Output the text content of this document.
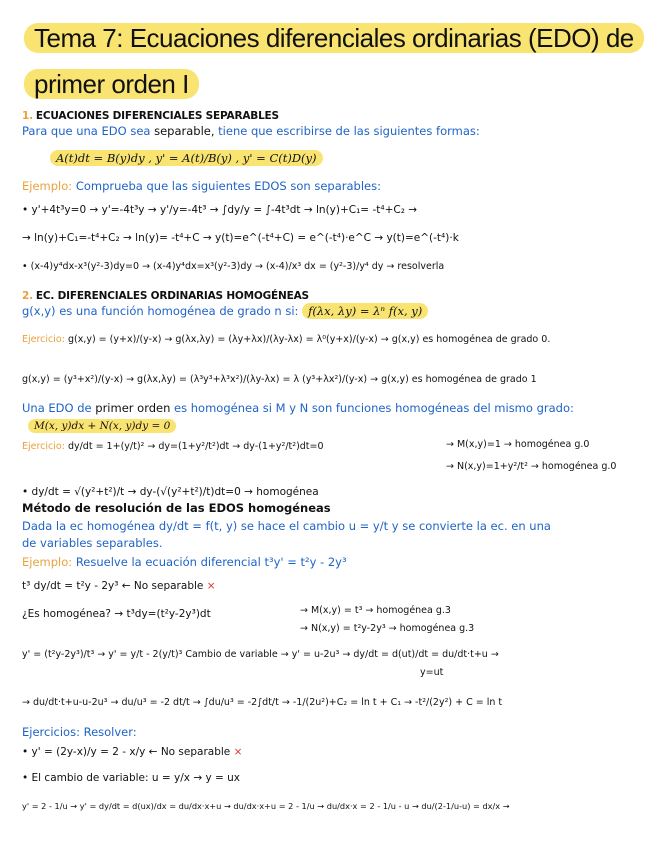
Tema 7: Ecuaciones diferenciales ordinarias (EDO) de
primer orden I
1. ECUACIONES DIFERENCIALES SEPARABLES
Para que una EDO sea separable, tiene que escribirse de las siguientes formas:
A(t)dt = B(y)dy , y' = A(t)/B(y) , y' = C(t)D(y)
Ejemplo: Comprueba que las siguientes EDOS son separables:
• y'+4t³y=0 → y'=-4t³y → y'/y=-4t³ → ∫dy/y = ∫-4t³dt → ln(y)+C₁= -t⁴+C₂ →
→ ln(y)+C₁=-t⁴+C₂ → ln(y)= -t⁴+C → y(t)=e^(-t⁴+C) = e^(-t⁴)·e^C → y(t)=e^(-t⁴)·k
• (x-4)y⁴dx-x³(y²-3)dy=0 → (x-4)y⁴dx=x³(y²-3)dy → (x-4)/x³ dx = (y²-3)/y⁴ dy → resolverla
2. EC. DIFERENCIALES ORDINARIAS HOMOGÉNEAS
g(x,y) es una función homogénea de grado n si: f(λx, λy) = λⁿ f(x, y)
Ejercicio: g(x,y) = (y+x)/(y-x) → g(λx,λy) = (λy+λx)/(λy-λx) = λ⁰(y+x)/(y-x) → g(x,y) es homogénea de grado 0.
g(x,y) = (y³+x²)/(y-x) → g(λx,λy) = (λ³y³+λ³x²)/(λy-λx) = λ (y³+λx²)/(y-x) → g(x,y) es homogénea de grado 1
Una EDO de primer orden es homogénea si M y N son funciones homogéneas del mismo grado:
M(x, y)dx + N(x, y)dy = 0
Ejercicio: dy/dt = 1+(y/t)² → dy=(1+y²/t²)dt → dy-(1+y²/t²)dt=0	→ M(x,y)=1 → homogénea g.0
→ N(x,y)=1+y²/t² → homogénea g.0
• dy/dt = √(y²+t²)/t → dy-(√(y²+t²)/t)dt=0 → homogénea
Método de resolución de las EDOS homogéneas
Dada la ec homogénea dy/dt = f(t, y) se hace el cambio u = y/t y se convierte la ec. en una
de variables separables.
Ejemplo: Resuelve la ecuación diferencial t³y' = t²y - 2y³
t³ dy/dt = t²y - 2y³ ← No separable ×
¿Es homogénea? → t³dy=(t²y-2y³)dt	→ M(x,y) = t³ → homogénea g.3
→ N(x,y) = t²y-2y³ → homogénea g.3
y' = (t²y-2y³)/t³ → y' = y/t - 2(y/t)³ Cambio de variable → y' = u-2u³ → dy/dt = d(ut)/dt = du/dt·t+u →
y=ut
→ du/dt·t+u-u-2u³ → du/u³ = -2 dt/t → ∫du/u³ = -2∫dt/t → -1/(2u²)+C₂ = ln t + C₁ → -t²/(2y²) + C = ln t
Ejercicios: Resolver:
• y' = (2y-x)/y = 2 - x/y ← No separable ×
• El cambio de variable: u = y/x → y = ux
y' = 2 - 1/u → y' = dy/dt = d(ux)/dx = du/dx·x+u → du/dx·x+u = 2 - 1/u → du/dx·x = 2 - 1/u - u → du/(2-1/u-u) = dx/x →
